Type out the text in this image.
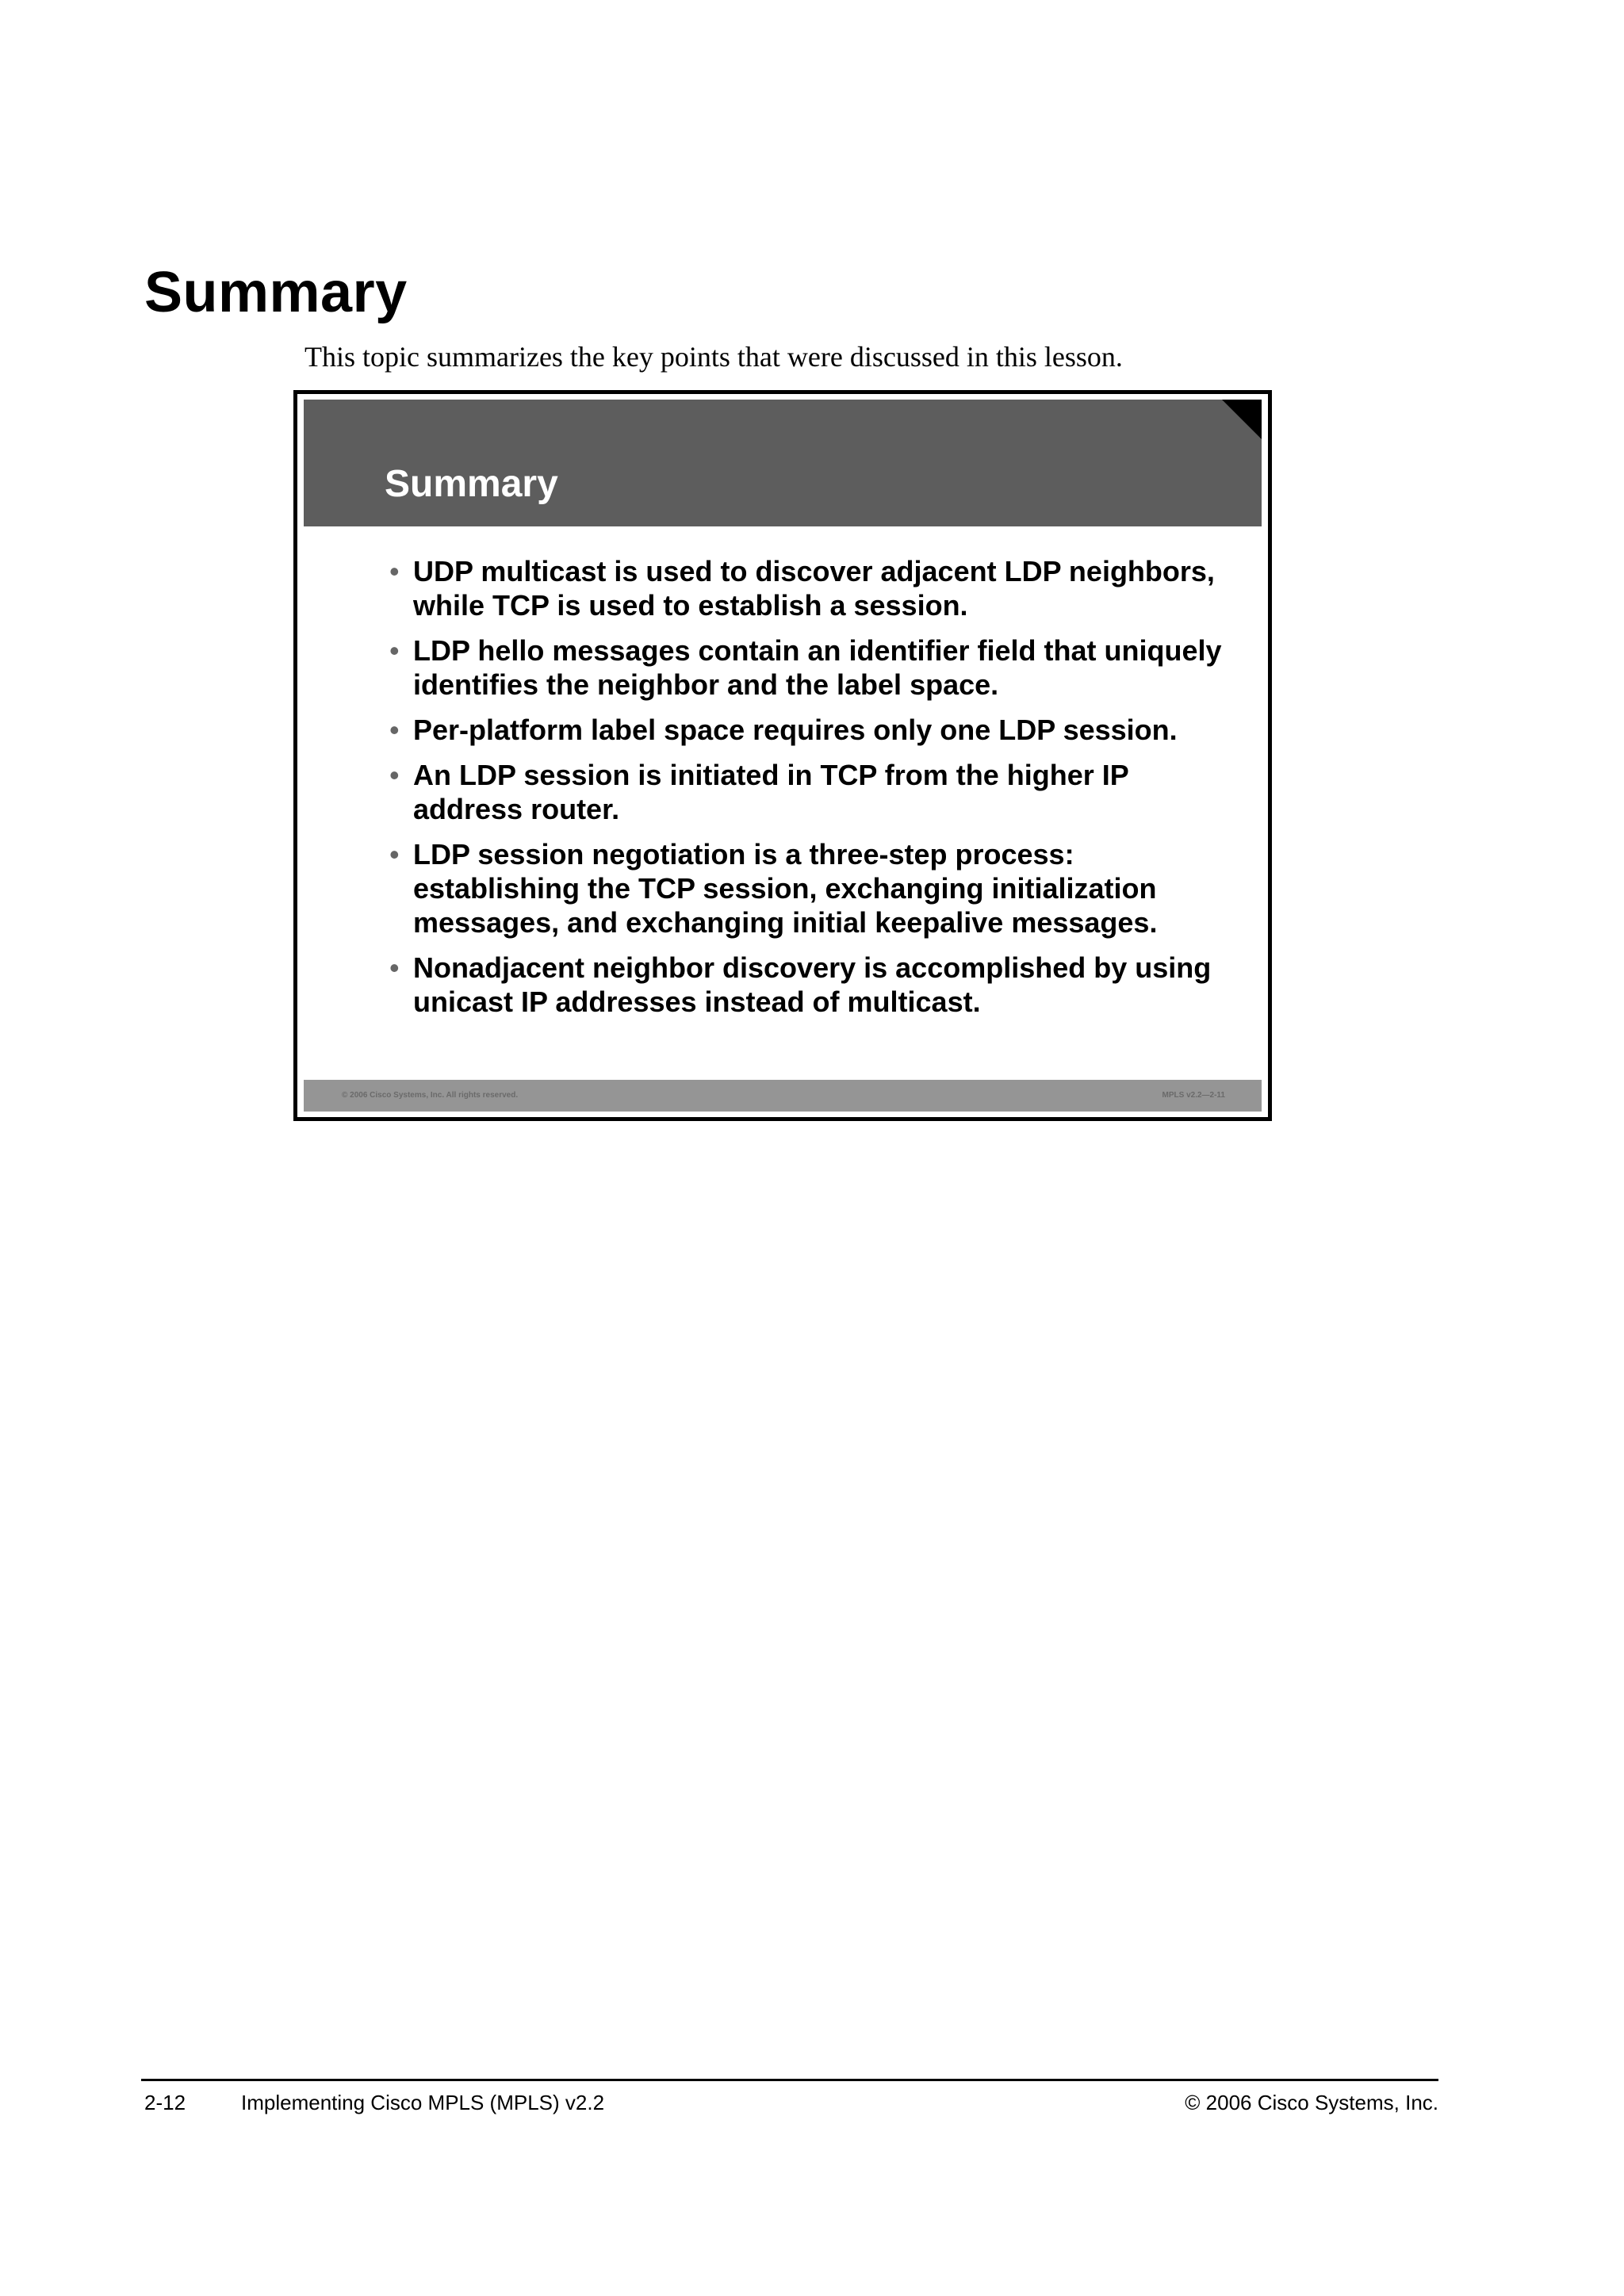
Summary

This topic summarizes the key points that were discussed in this lesson.

Summary
• UDP multicast is used to discover adjacent LDP neighbors, while TCP is used to establish a session.
• LDP hello messages contain an identifier field that uniquely identifies the neighbor and the label space.
• Per-platform label space requires only one LDP session.
• An LDP session is initiated in TCP from the higher IP address router.
• LDP session negotiation is a three-step process: establishing the TCP session, exchanging initialization messages, and exchanging initial keepalive messages.
• Nonadjacent neighbor discovery is accomplished by using unicast IP addresses instead of multicast.
© 2006 Cisco Systems, Inc. All rights reserved.	MPLS v2.2—2-11
2-12	Implementing Cisco MPLS (MPLS) v2.2	© 2006 Cisco Systems, Inc.
